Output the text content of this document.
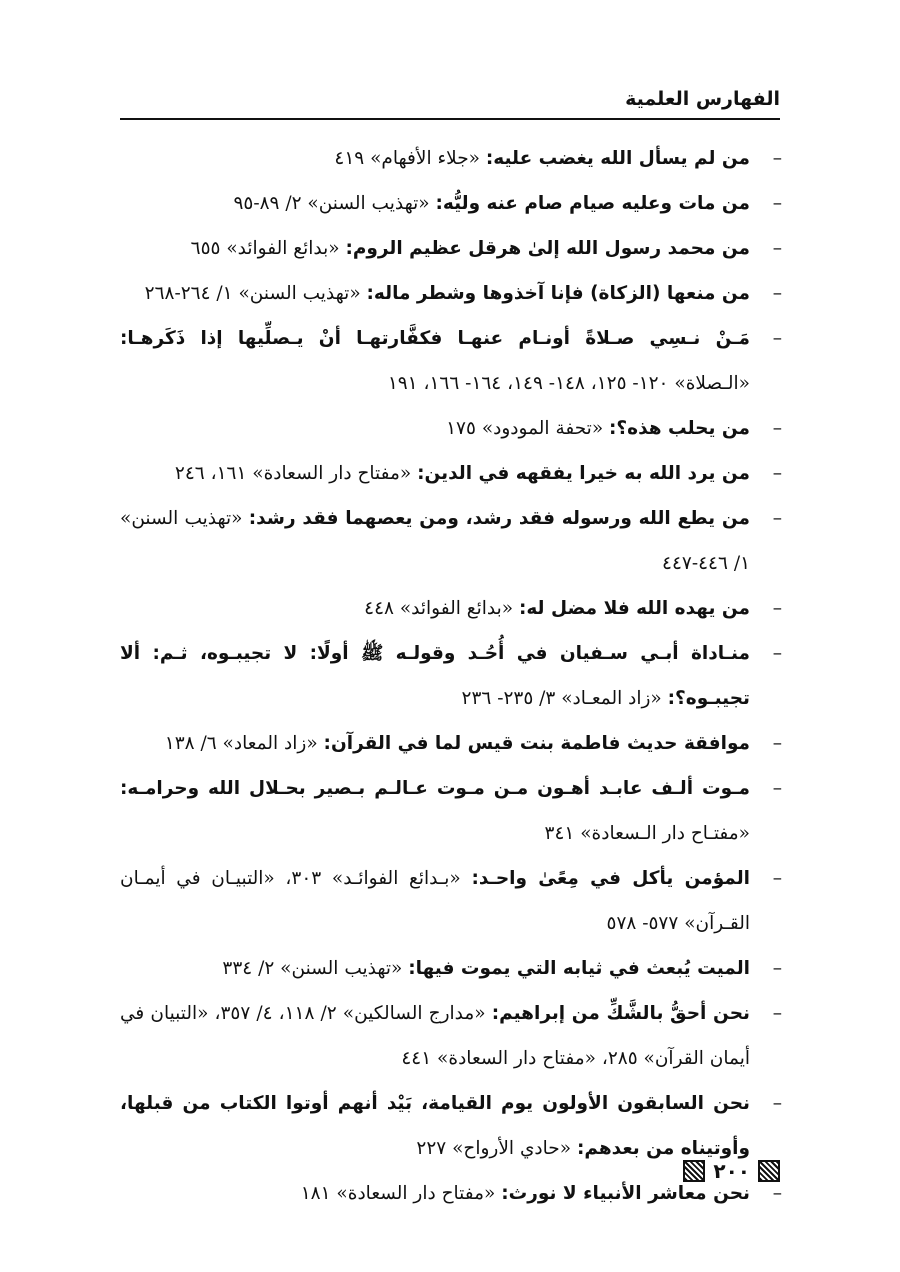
الفهارس العلمية
–
من لم يسأل الله يغضب عليه: «جلاء الأفهام» ٤١٩
–
من مات وعليه صيام صام عنه وليُّه: «تهذيب السنن» ٢/ ٨٩-٩٥
–
من محمد رسول الله إلىٰ هرقل عظيم الروم: «بدائع الفوائد» ٦٥٥
–
من منعها (الزكاة) فإنا آخذوها وشطر ماله: «تهذيب السنن» ١/ ٢٦٤-٢٦٨
–
مَـنْ نـسِي صـلاةً أونـام عنهـا فكفَّارتهـا أنْ يـصلِّيها إذا ذَكَرهـا: «الـصلاة» ١٢٠- ١٢٥، ١٤٨- ١٤٩، ١٦٤- ١٦٦، ١٩١
–
من يحلب هذه؟: «تحفة المودود» ١٧٥
–
من يرد الله به خيرا يفقهه في الدين: «مفتاح دار السعادة» ١٦١، ٢٤٦
–
من يطع الله ورسوله فقد رشد، ومن يعصهما فقد رشد: «تهذيب السنن» ١/ ٤٤٦-٤٤٧
–
من يهده الله فلا مضل له: «بدائع الفوائد» ٤٤٨
–
منـاداة أبـي سـفيان في أُحُـد وقولـه ﷺ أولًا: لا تجيبـوه، ثـم: ألا تجيبـوه؟: «زاد المعـاد» ٣/ ٢٣٥- ٢٣٦
–
موافقة حديث فاطمة بنت قيس لما في القرآن: «زاد المعاد» ٦/ ١٣٨
–
مـوت ألـف عابـد أهـون مـن مـوت عـالـم بـصير بحـلال الله وحرامـه: «مفتـاح دار الـسعادة» ٣٤١
–
المؤمن يأكل في مِعًىٰ واحـد: «بـدائع الفوائـد» ٣٠٣، «التبيـان في أيمـان القـرآن» ٥٧٧- ٥٧٨
–
الميت يُبعث في ثيابه التي يموت فيها: «تهذيب السنن» ٢/ ٣٣٤
–
نحن أحقُّ بالشَّكِّ من إبراهيم: «مدارج السالكين» ٢/ ١١٨، ٤/ ٣٥٧، «التبيان في أيمان القرآن» ٢٨٥، «مفتاح دار السعادة» ٤٤١
–
نحن السابقون الأولون يوم القيامة، بَيْد أنهم أوتوا الكتاب من قبلها، وأوتيناه من بعدهم: «حادي الأرواح» ٢٢٧
–
نحن معاشر الأنبياء لا نورث: «مفتاح دار السعادة» ١٨١
٢٠٠
